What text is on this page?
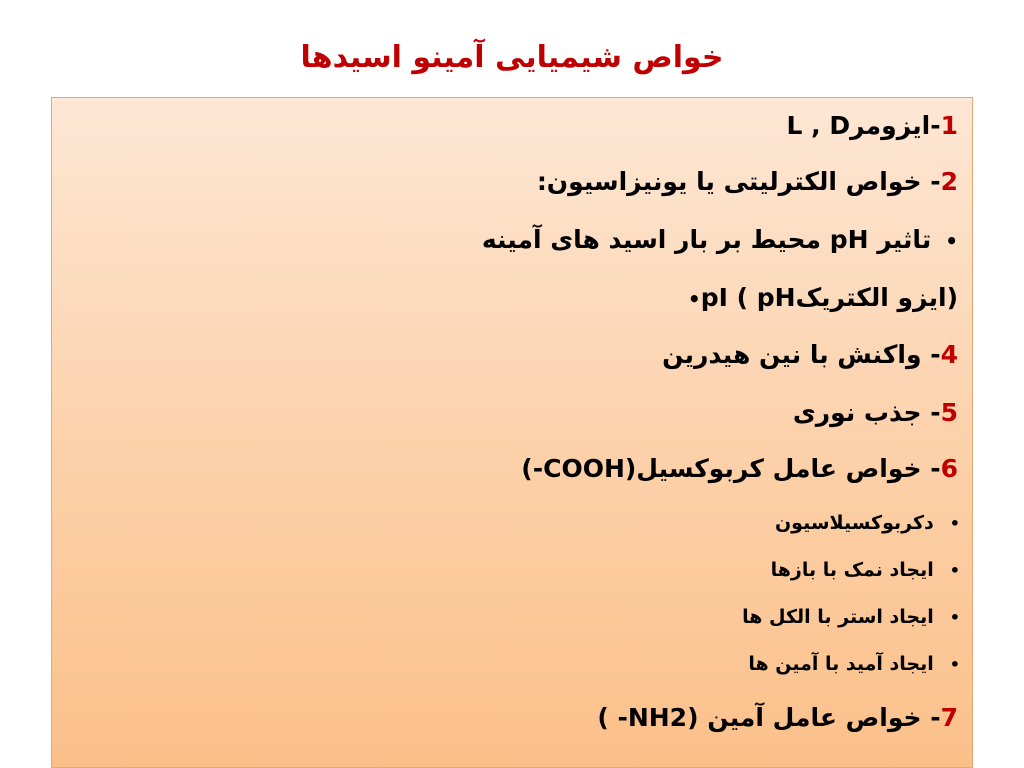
خواص شیمیایی آمینو اسیدها
1-ایزومرL , D
2- خواص الکترلیتی یا یونیزاسیون:
•تاثیر pH محیط بر بار اسید های آمینه
•pI ( pHایزو الکتریک)
4- واکنش با نین هیدرین
5- جذب نوری
6- خواص عامل کربوکسیل(COOH-)
•دکربوکسیلاسیون
•ایجاد نمک با بازها
•ایجاد استر با الکل ها
•ایجاد آمید با آمین ها
7- خواص عامل آمین (NH2- )
